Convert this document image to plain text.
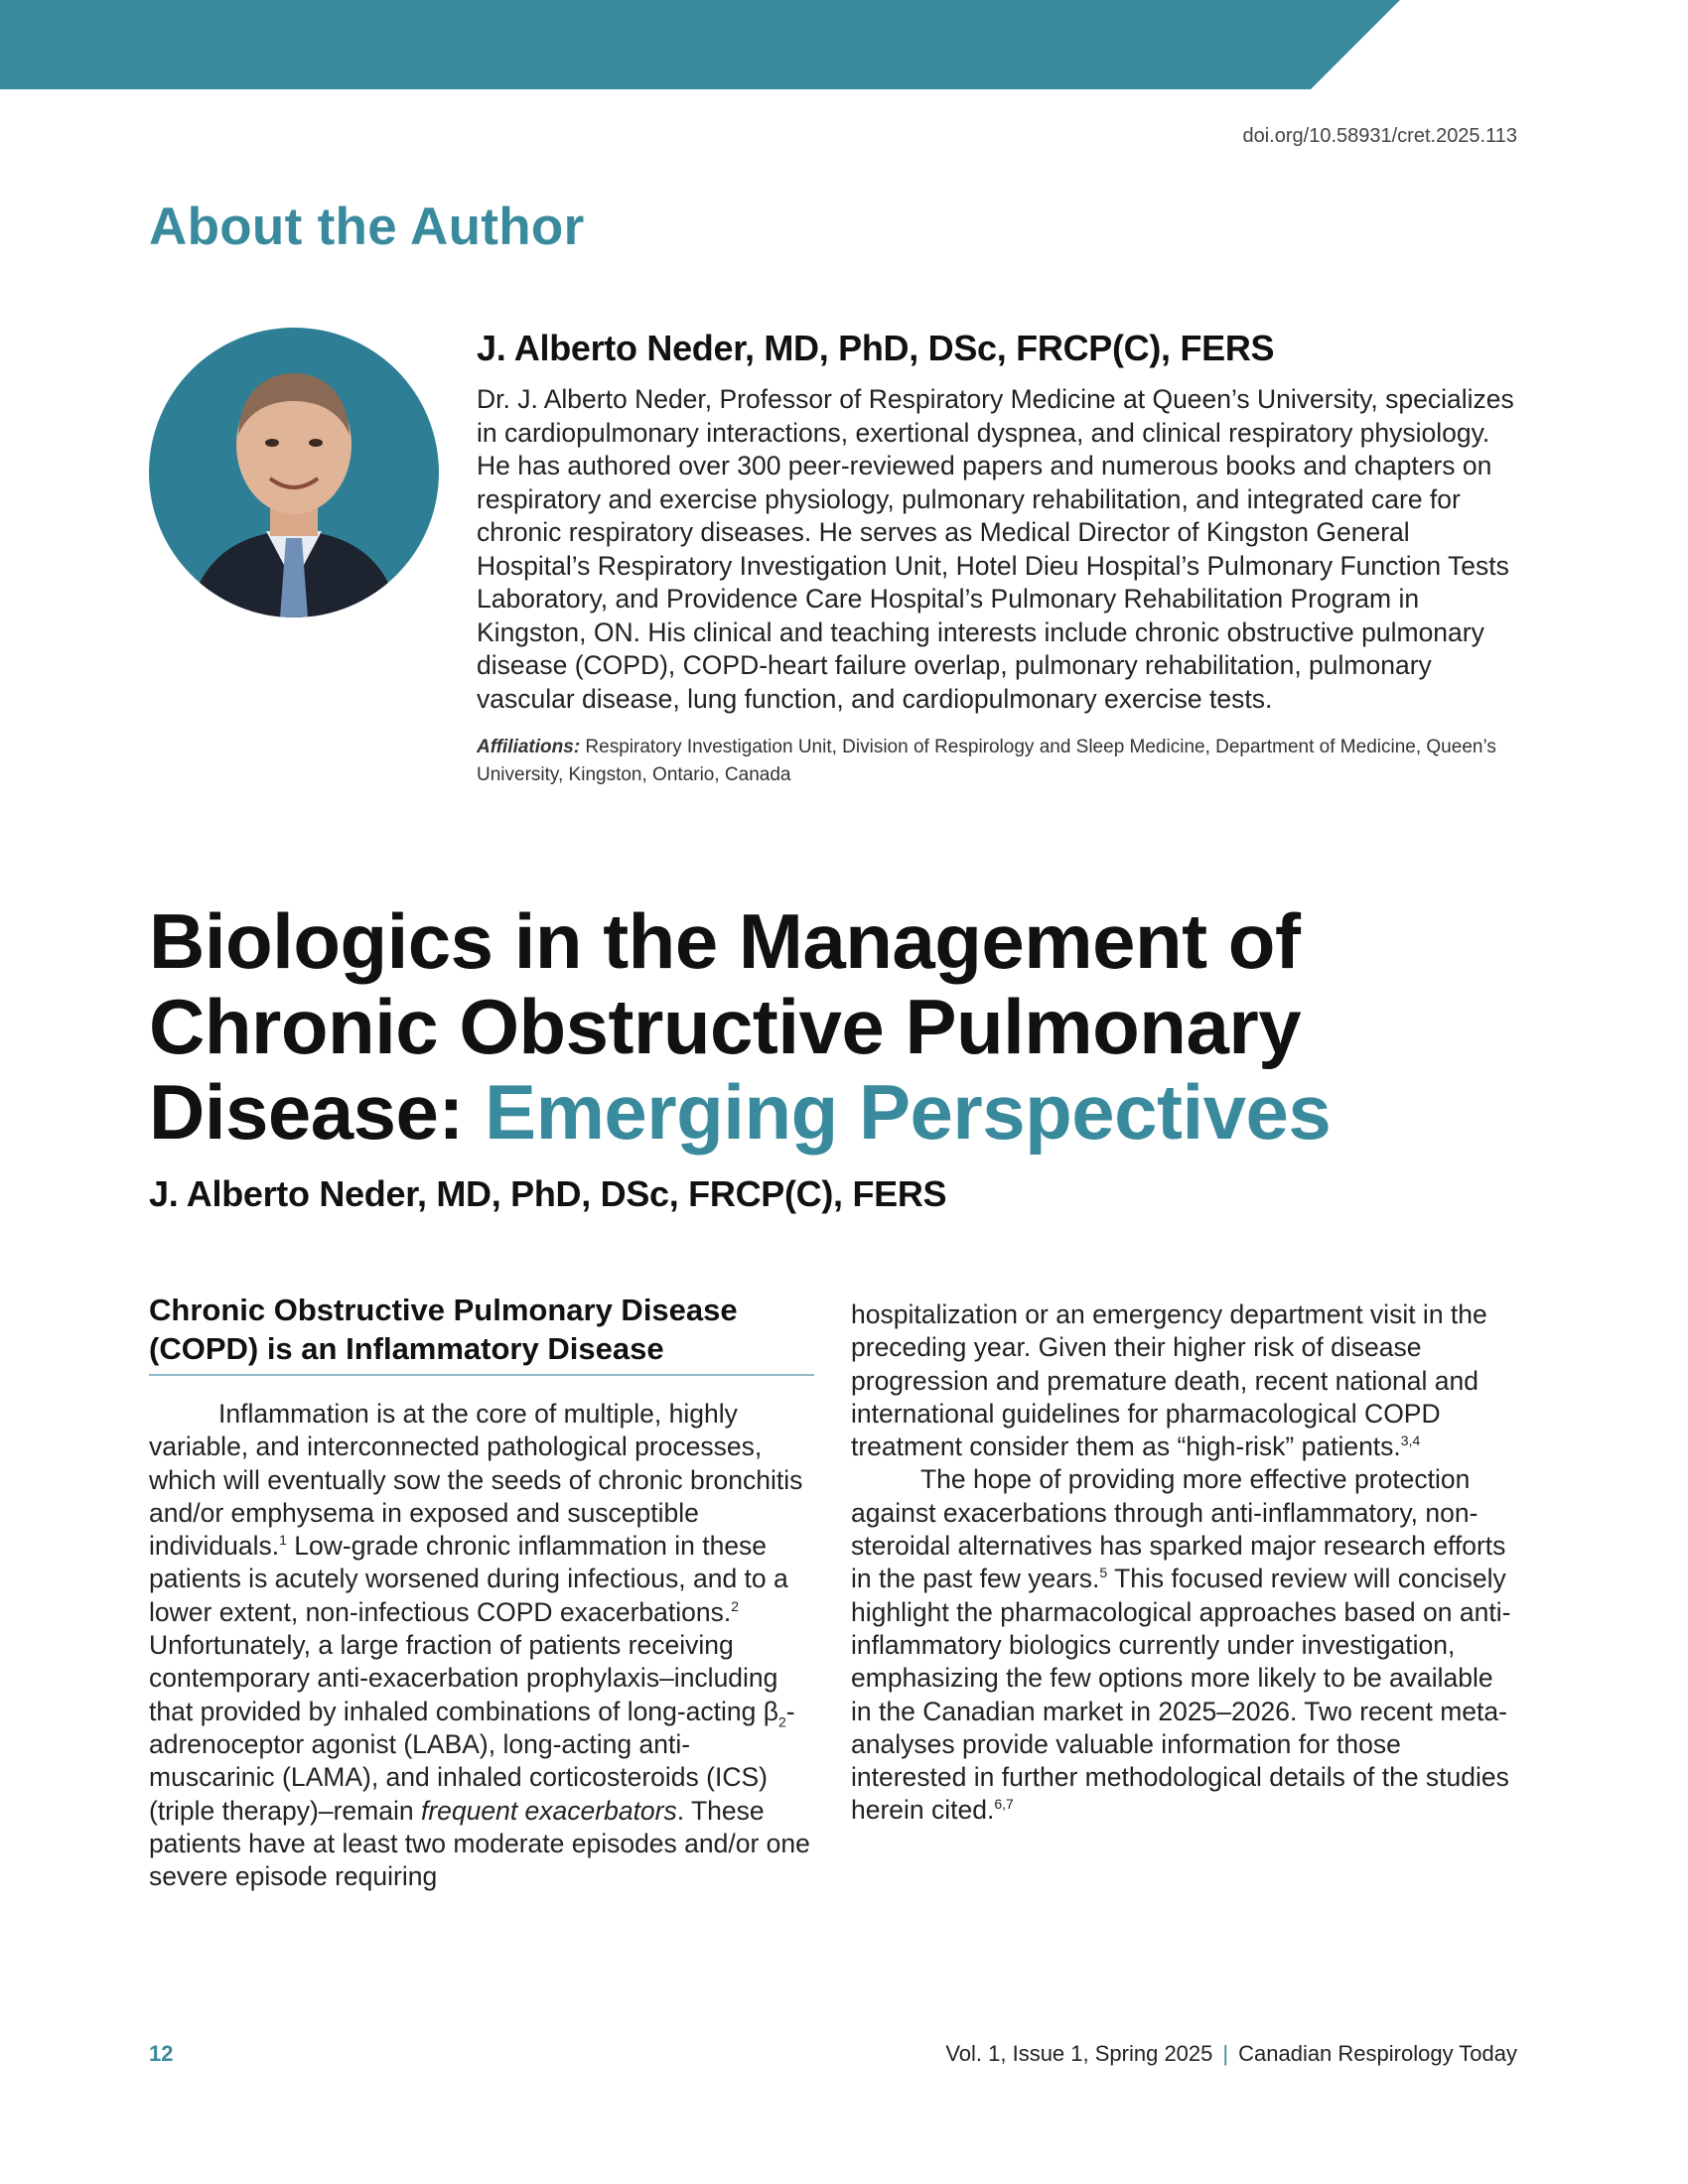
doi.org/10.58931/cret.2025.113
About the Author
J. Alberto Neder, MD, PhD, DSc, FRCP(C), FERS

Dr. J. Alberto Neder, Professor of Respiratory Medicine at Queen’s University, specializes in cardiopulmonary interactions, exertional dyspnea, and clinical respiratory physiology. He has authored over 300 peer-reviewed papers and numerous books and chapters on respiratory and exercise physiology, pulmonary rehabilitation, and integrated care for chronic respiratory diseases. He serves as Medical Director of Kingston General Hospital’s Respiratory Investigation Unit, Hotel Dieu Hospital’s Pulmonary Function Tests Laboratory, and Providence Care Hospital’s Pulmonary Rehabilitation Program in Kingston, ON. His clinical and teaching interests include chronic obstructive pulmonary disease (COPD), COPD-heart failure overlap, pulmonary rehabilitation, pulmonary vascular disease, lung function, and cardiopulmonary exercise tests.

Affiliations: Respiratory Investigation Unit, Division of Respirology and Sleep Medicine, Department of Medicine, Queen’s University, Kingston, Ontario, Canada

Biologics in the Management of Chronic Obstructive Pulmonary Disease: Emerging Perspectives
J. Alberto Neder, MD, PhD, DSc, FRCP(C), FERS
Chronic Obstructive Pulmonary Disease (COPD) is an Inflammatory Disease

Inflammation is at the core of multiple, highly variable, and interconnected pathological processes, which will eventually sow the seeds of chronic bronchitis and/or emphysema in exposed and susceptible individuals.$^1$ Low-grade chronic inflammation in these patients is acutely worsened during infectious, and to a lower extent, non-infectious COPD exacerbations.$^2$ Unfortunately, a large fraction of patients receiving contemporary anti-exacerbation prophylaxis–including that provided by inhaled combinations of long-acting $\beta_2$-adrenoceptor agonist (LABA), long-acting anti-muscarinic (LAMA), and inhaled corticosteroids (ICS) (triple therapy)–remain frequent exacerbators. These patients have at least two moderate episodes and/or one severe episode requiring

hospitalization or an emergency department visit in the preceding year. Given their higher risk of disease progression and premature death, recent national and international guidelines for pharmacological COPD treatment consider them as “high-risk” patients.$^{3,4}$

The hope of providing more effective protection against exacerbations through anti-inflammatory, non-steroidal alternatives has sparked major research efforts in the past few years.$^5$ This focused review will concisely highlight the pharmacological approaches based on anti-inflammatory biologics currently under investigation, emphasizing the few options more likely to be available in the Canadian market in 2025–2026. Two recent meta-analyses provide valuable information for those interested in further methodological details of the studies herein cited.$^{6,7}$

12	Vol. 1, Issue 1, Spring 2025 | Canadian Respirology Today
